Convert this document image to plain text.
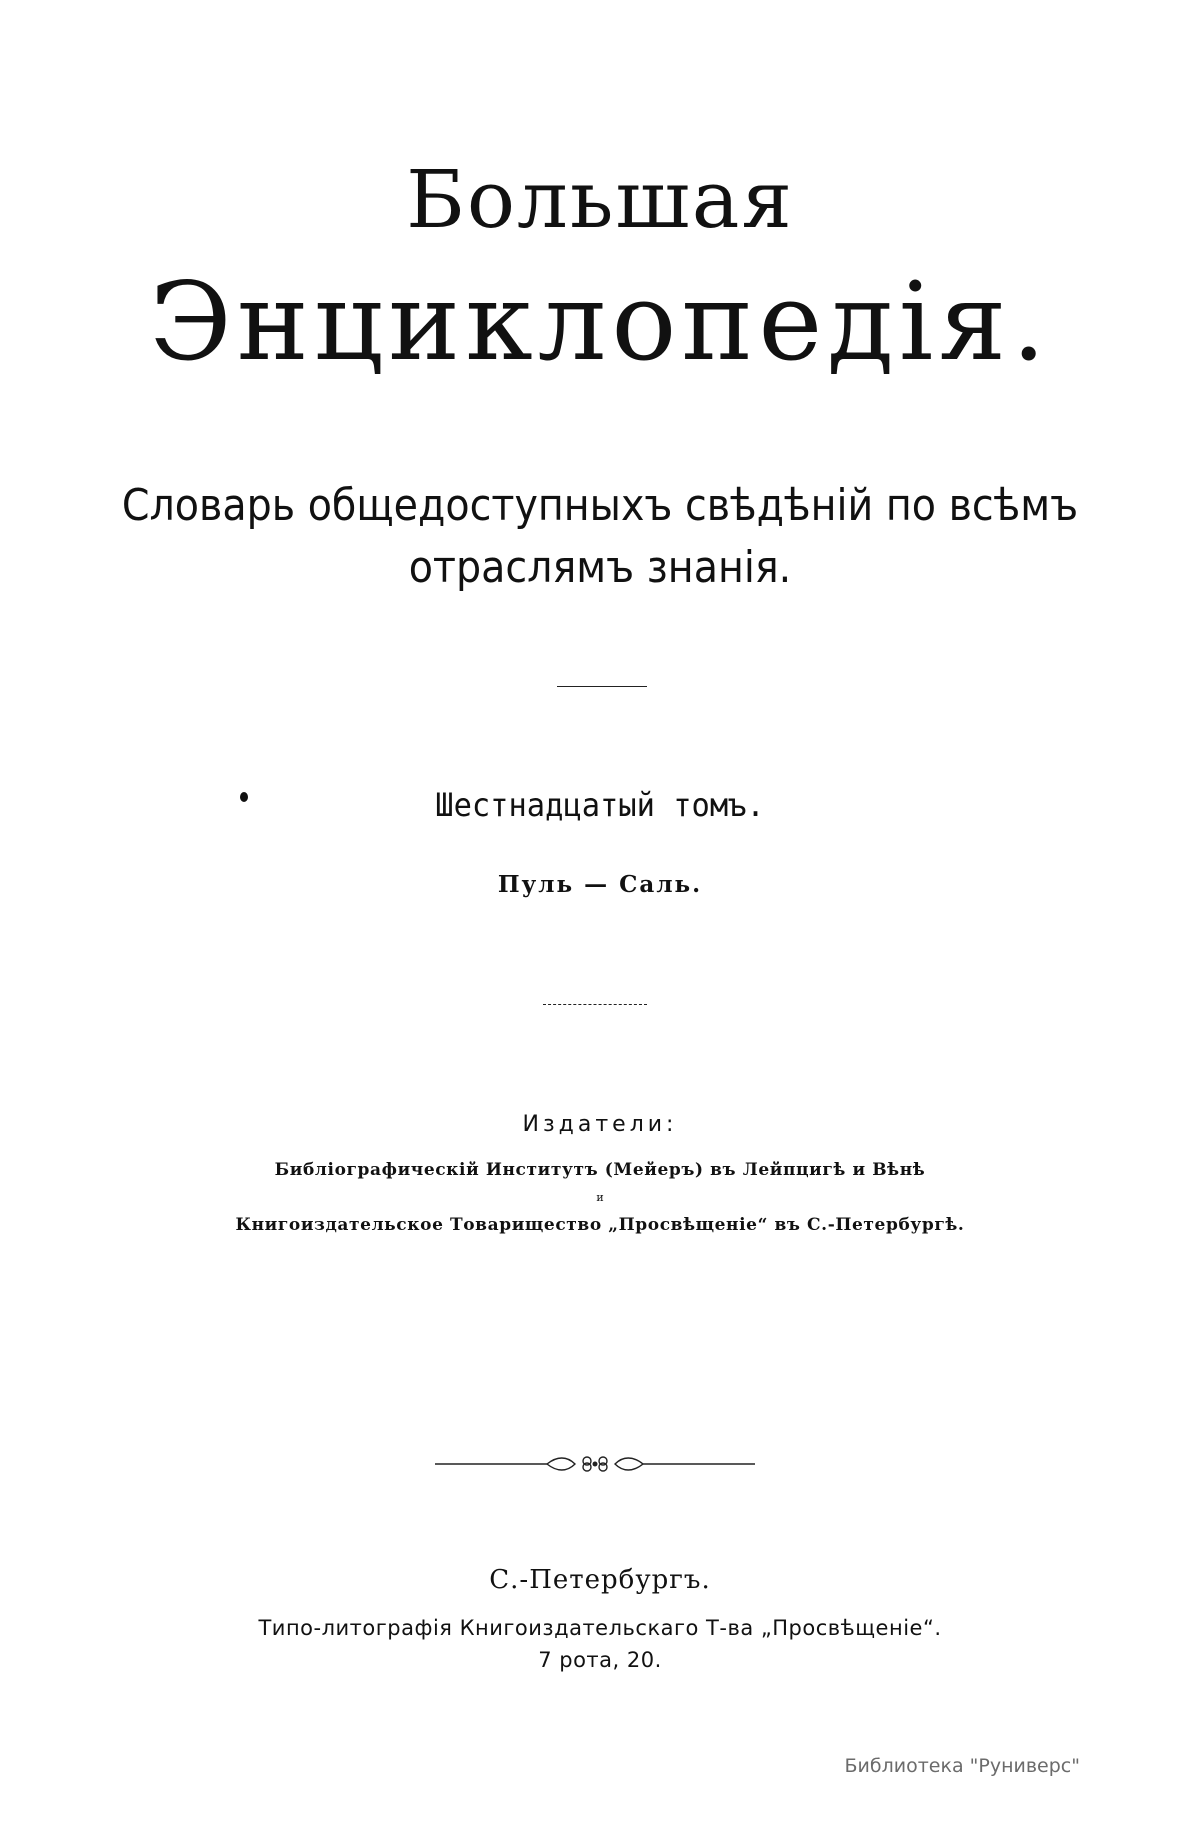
Большая
Энциклопедія.
Словарь общедоступныхъ свѣдѣній по всѣмъ
отраслямъ знанія.
Шестнадцатый томъ.
Пуль — Саль.
Издатели:
Библіографическій Институтъ (Мейеръ) въ Лейпцигѣ и Вѣнѣ
и
Книгоиздательское Товарищество „Просвѣщеніе“ въ С.-Петербургѣ.
С.-Петербургъ.
Типо-литографія Книгоиздательскаго Т-ва „Просвѣщеніе“.
7 рота, 20.
Библиотека "Руниверс"
